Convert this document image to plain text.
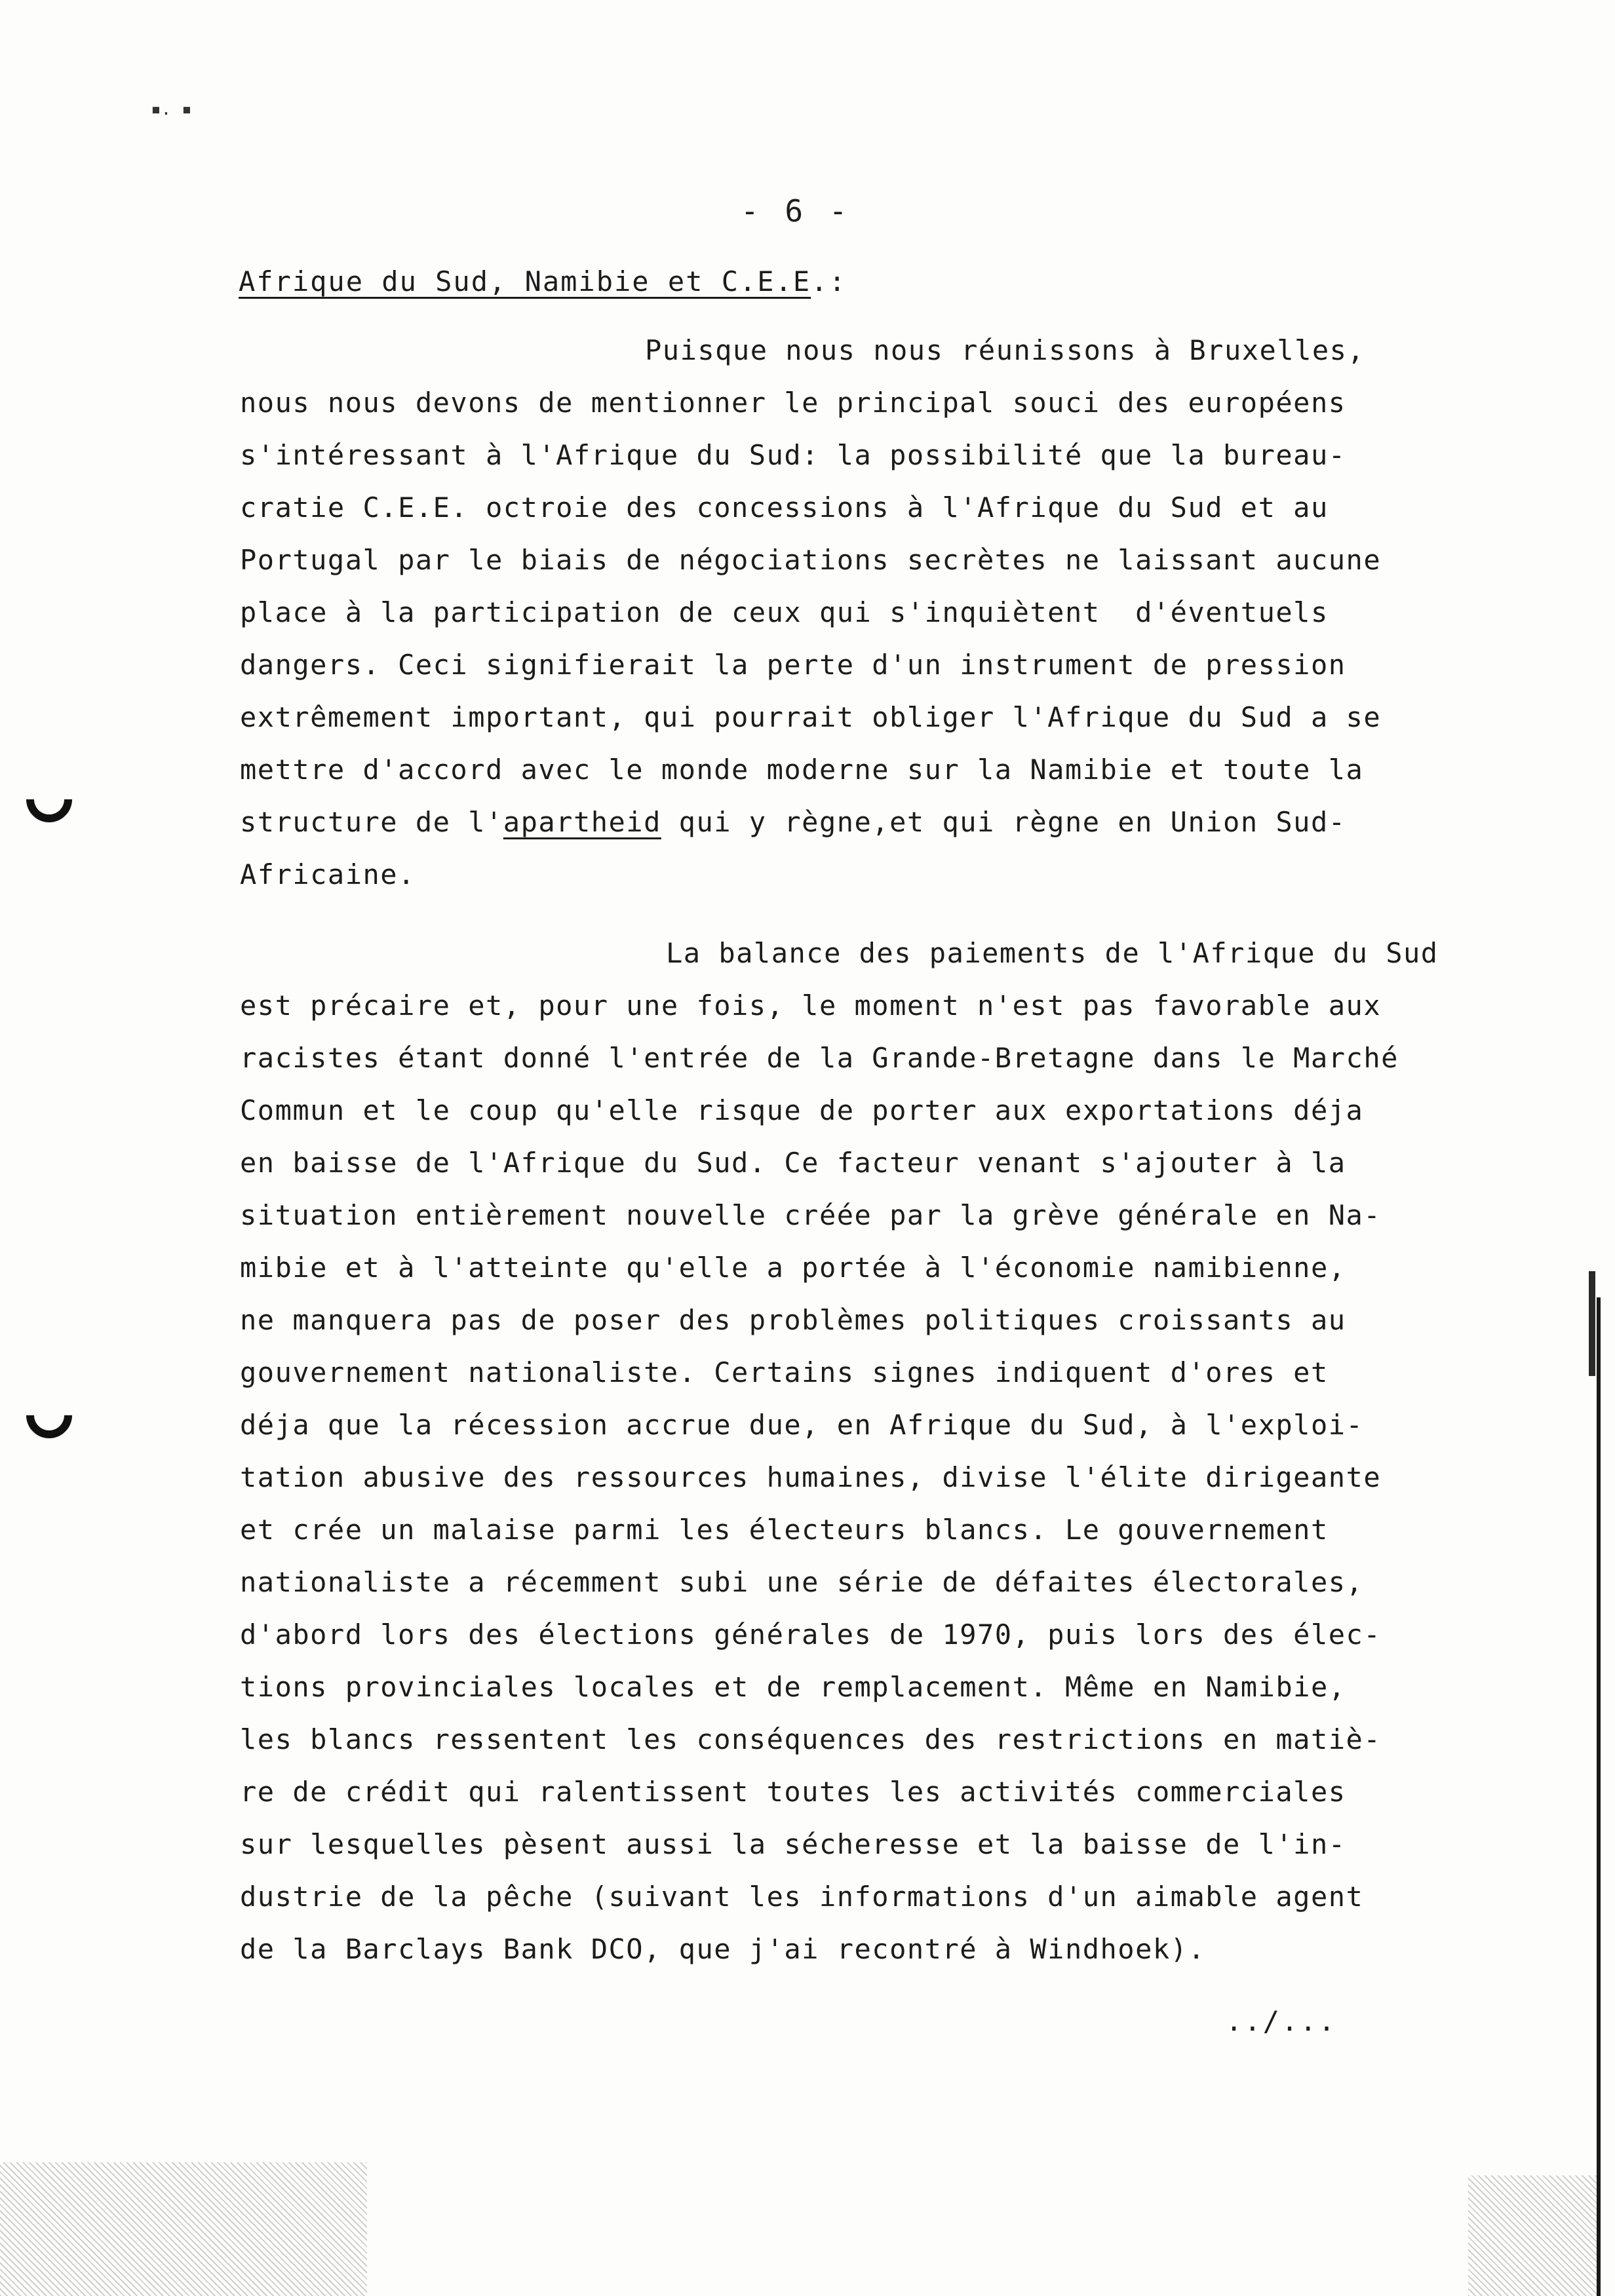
▪. ▪
- 6 -
Afrique du Sud, Namibie et C.E.E.:
Puisque nous nous réunissons à Bruxelles,
nous nous devons de mentionner le principal souci des européens
s'intéressant à l'Afrique du Sud: la possibilité que la bureau-
cratie C.E.E. octroie des concessions à l'Afrique du Sud et au
Portugal par le biais de négociations secrètes ne laissant aucune
place à la participation de ceux qui s'inquiètent  d'éventuels
dangers. Ceci signifierait la perte d'un instrument de pression
extrêmement important, qui pourrait obliger l'Afrique du Sud a se
mettre d'accord avec le monde moderne sur la Namibie et toute la
structure de l'apartheid qui y règne,et qui règne en Union Sud-
Africaine.
La balance des paiements de l'Afrique du Sud
est précaire et, pour une fois, le moment n'est pas favorable aux
racistes étant donné l'entrée de la Grande-Bretagne dans le Marché
Commun et le coup qu'elle risque de porter aux exportations déja
en baisse de l'Afrique du Sud. Ce facteur venant s'ajouter à la
situation entièrement nouvelle créée par la grève générale en Na-
mibie et à l'atteinte qu'elle a portée à l'économie namibienne,
ne manquera pas de poser des problèmes politiques croissants au
gouvernement nationaliste. Certains signes indiquent d'ores et
déja que la récession accrue due, en Afrique du Sud, à l'exploi-
tation abusive des ressources humaines, divise l'élite dirigeante
et crée un malaise parmi les électeurs blancs. Le gouvernement
nationaliste a récemment subi une série de défaites électorales,
d'abord lors des élections générales de 1970, puis lors des élec-
tions provinciales locales et de remplacement. Même en Namibie,
les blancs ressentent les conséquences des restrictions en matiè-
re de crédit qui ralentissent toutes les activités commerciales
sur lesquelles pèsent aussi la sécheresse et la baisse de l'in-
dustrie de la pêche (suivant les informations d'un aimable agent
de la Barclays Bank DCO, que j'ai recontré à Windhoek).
../...
